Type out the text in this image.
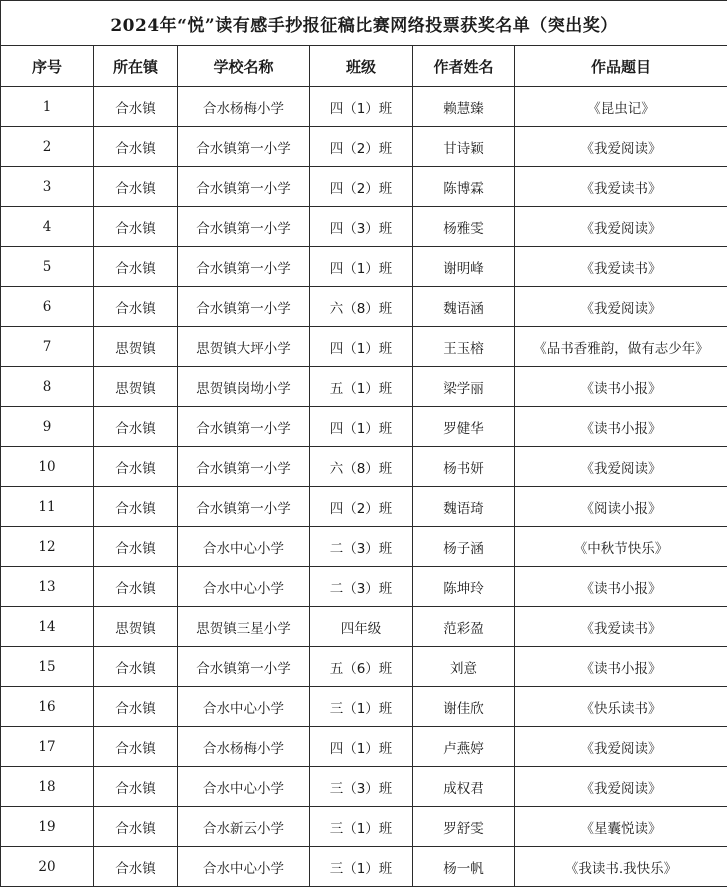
2024年“悦”读有感手抄报征稿比赛网络投票获奖名单（突出奖）					
序号	所在镇	学校名称	班级	作者姓名	作品题目
1	合水镇	合水杨梅小学	四（1）班	赖慧臻	《昆虫记》
2	合水镇	合水镇第一小学	四（2）班	甘诗颖	《我爱阅读》
3	合水镇	合水镇第一小学	四（2）班	陈博霖	《我爱读书》
4	合水镇	合水镇第一小学	四（3）班	杨雅雯	《我爱阅读》
5	合水镇	合水镇第一小学	四（1）班	谢明峰	《我爱读书》
6	合水镇	合水镇第一小学	六（8）班	魏语涵	《我爱阅读》
7	思贺镇	思贺镇大坪小学	四（1）班	王玉榕	《品书香雅韵，做有志少年》
8	思贺镇	思贺镇岗坳小学	五（1）班	梁学丽	《读书小报》
9	合水镇	合水镇第一小学	四（1）班	罗健华	《读书小报》
10	合水镇	合水镇第一小学	六（8）班	杨书妍	《我爱阅读》
11	合水镇	合水镇第一小学	四（2）班	魏语琦	《阅读小报》
12	合水镇	合水中心小学	二（3）班	杨子涵	《中秋节快乐》
13	合水镇	合水中心小学	二（3）班	陈坤玲	《读书小报》
14	思贺镇	思贺镇三星小学	四年级	范彩盈	《我爱读书》
15	合水镇	合水镇第一小学	五（6）班	刘意	《读书小报》
16	合水镇	合水中心小学	三（1）班	谢佳欣	《快乐读书》
17	合水镇	合水杨梅小学	四（1）班	卢燕婷	《我爱阅读》
18	合水镇	合水中心小学	三（3）班	成权君	《我爱阅读》
19	合水镇	合水新云小学	三（1）班	罗舒雯	《星囊悦读》
20	合水镇	合水中心小学	三（1）班	杨一帆	《我读书.我快乐》
